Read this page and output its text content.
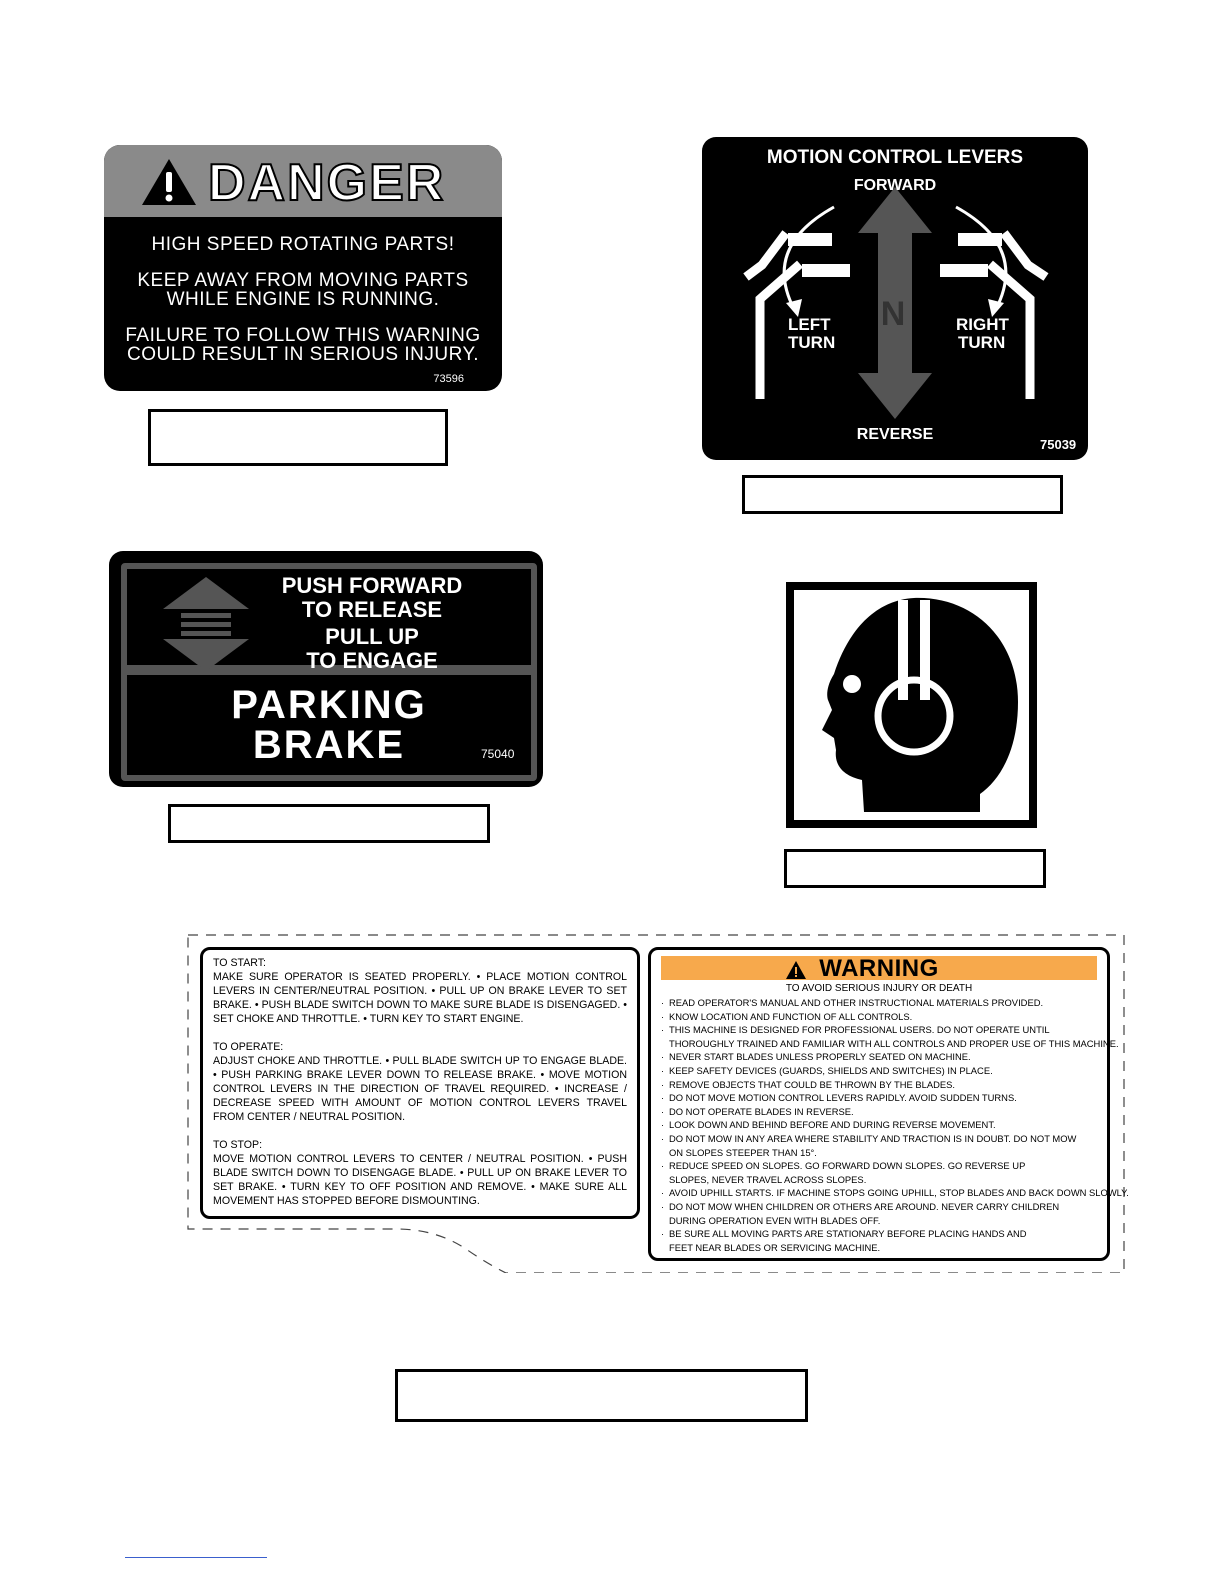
DANGER
HIGH SPEED ROTATING PARTS!
KEEP AWAY FROM MOVING PARTS
WHILE ENGINE IS RUNNING.
FAILURE TO FOLLOW THIS WARNING
COULD RESULT IN SERIOUS INJURY.
73596
MOTION CONTROL LEVERS
FORWARD
N
LEFT
TURN
RIGHT
TURN
REVERSE
75039
PUSH FORWARD
TO RELEASE
PULL UP
TO ENGAGE
PARKING
BRAKE	75040
TO START:
MAKE SURE OPERATOR IS SEATED PROPERLY. • PLACE MOTION CONTROL LEVERS IN CENTER/NEUTRAL POSITION. • PULL UP ON BRAKE LEVER TO SET BRAKE. • PUSH BLADE SWITCH DOWN TO MAKE SURE BLADE IS DISENGAGED. • SET CHOKE AND THROTTLE. • TURN KEY TO START ENGINE.
TO OPERATE:
ADJUST CHOKE AND THROTTLE. • PULL BLADE SWITCH UP TO ENGAGE BLADE. • PUSH PARKING BRAKE LEVER DOWN TO RELEASE BRAKE. • MOVE MOTION CONTROL LEVERS IN THE DIRECTION OF TRAVEL REQUIRED. • INCREASE / DECREASE SPEED WITH AMOUNT OF MOTION CONTROL LEVERS TRAVEL FROM CENTER / NEUTRAL POSITION.
TO STOP:
MOVE MOTION CONTROL LEVERS TO CENTER / NEUTRAL POSITION. • PUSH BLADE SWITCH DOWN TO DISENGAGE BLADE. • PULL UP ON BRAKE LEVER TO SET BRAKE. • TURN KEY TO OFF POSITION AND REMOVE. • MAKE SURE ALL MOVEMENT HAS STOPPED BEFORE DISMOUNTING.
WARNING
TO AVOID SERIOUS INJURY OR DEATH
· READ OPERATOR'S MANUAL AND OTHER INSTRUCTIONAL MATERIALS PROVIDED.
· KNOW LOCATION AND FUNCTION OF ALL CONTROLS.
· THIS MACHINE IS DESIGNED FOR PROFESSIONAL USERS. DO NOT OPERATE UNTIL
THOROUGHLY TRAINED AND FAMILIAR WITH ALL CONTROLS AND PROPER USE OF THIS MACHINE.
· NEVER START BLADES UNLESS PROPERLY SEATED ON MACHINE.
· KEEP SAFETY DEVICES (GUARDS, SHIELDS AND SWITCHES) IN PLACE.
· REMOVE OBJECTS THAT COULD BE THROWN BY THE BLADES.
· DO NOT MOVE MOTION CONTROL LEVERS RAPIDLY. AVOID SUDDEN TURNS.
· DO NOT OPERATE BLADES IN REVERSE.
· LOOK DOWN AND BEHIND BEFORE AND DURING REVERSE MOVEMENT.
· DO NOT MOW IN ANY AREA WHERE STABILITY AND TRACTION IS IN DOUBT. DO NOT MOW
ON SLOPES STEEPER THAN 15°.
· REDUCE SPEED ON SLOPES. GO FORWARD DOWN SLOPES. GO REVERSE UP
SLOPES, NEVER TRAVEL ACROSS SLOPES.
· AVOID UPHILL STARTS. IF MACHINE STOPS GOING UPHILL, STOP BLADES AND BACK DOWN SLOWLY.
· DO NOT MOW WHEN CHILDREN OR OTHERS ARE AROUND. NEVER CARRY CHILDREN
DURING OPERATION EVEN WITH BLADES OFF.
· BE SURE ALL MOVING PARTS ARE STATIONARY BEFORE PLACING HANDS AND
FEET NEAR BLADES OR SERVICING MACHINE.
